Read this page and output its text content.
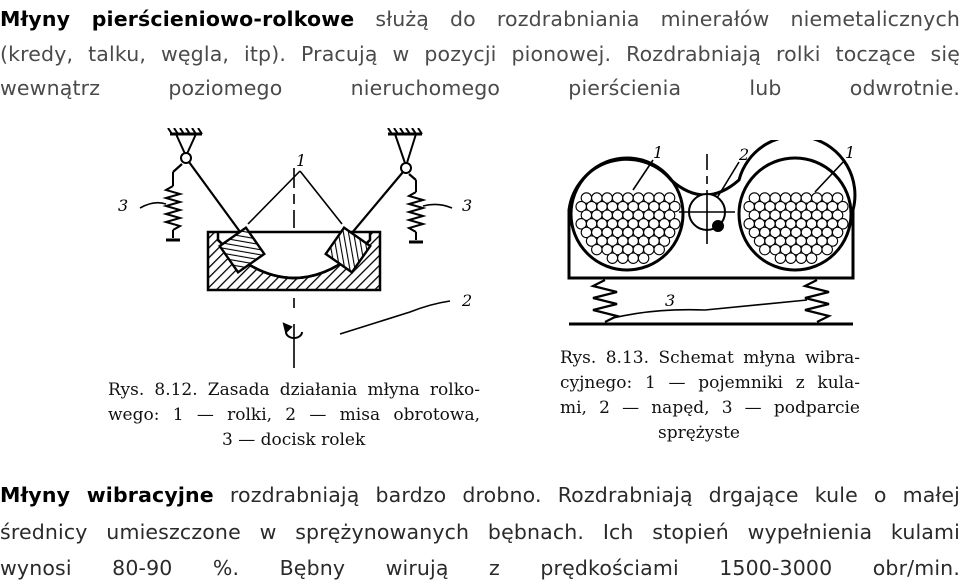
Młyny pierścieniowo-rolkowe służą do rozdrabniania minerałów niemetalicznych
(kredy, talku, węgla, itp). Pracują w pozycji pionowej. Rozdrabniają rolki toczące się
wewnątrz poziomego nieruchomego pierścienia lub odwrotnie.
1
3	3
2
Rys. 8.12. Zasada działania młyna rolko-
wego: 1 — rolki, 2 — misa obrotowa,
3 — docisk rolek
1	2	1
3
Rys. 8.13. Schemat młyna wibra-
cyjnego: 1 — pojemniki z kula-
mi, 2 — napęd, 3 — podparcie
sprężyste
Młyny wibracyjne rozdrabniają bardzo drobno. Rozdrabniają drgające kule o małej
średnicy umieszczone w sprężynowanych bębnach. Ich stopień wypełnienia kulami
wynosi 80-90 %. Bębny wirują z prędkościami 1500-3000 obr/min.
